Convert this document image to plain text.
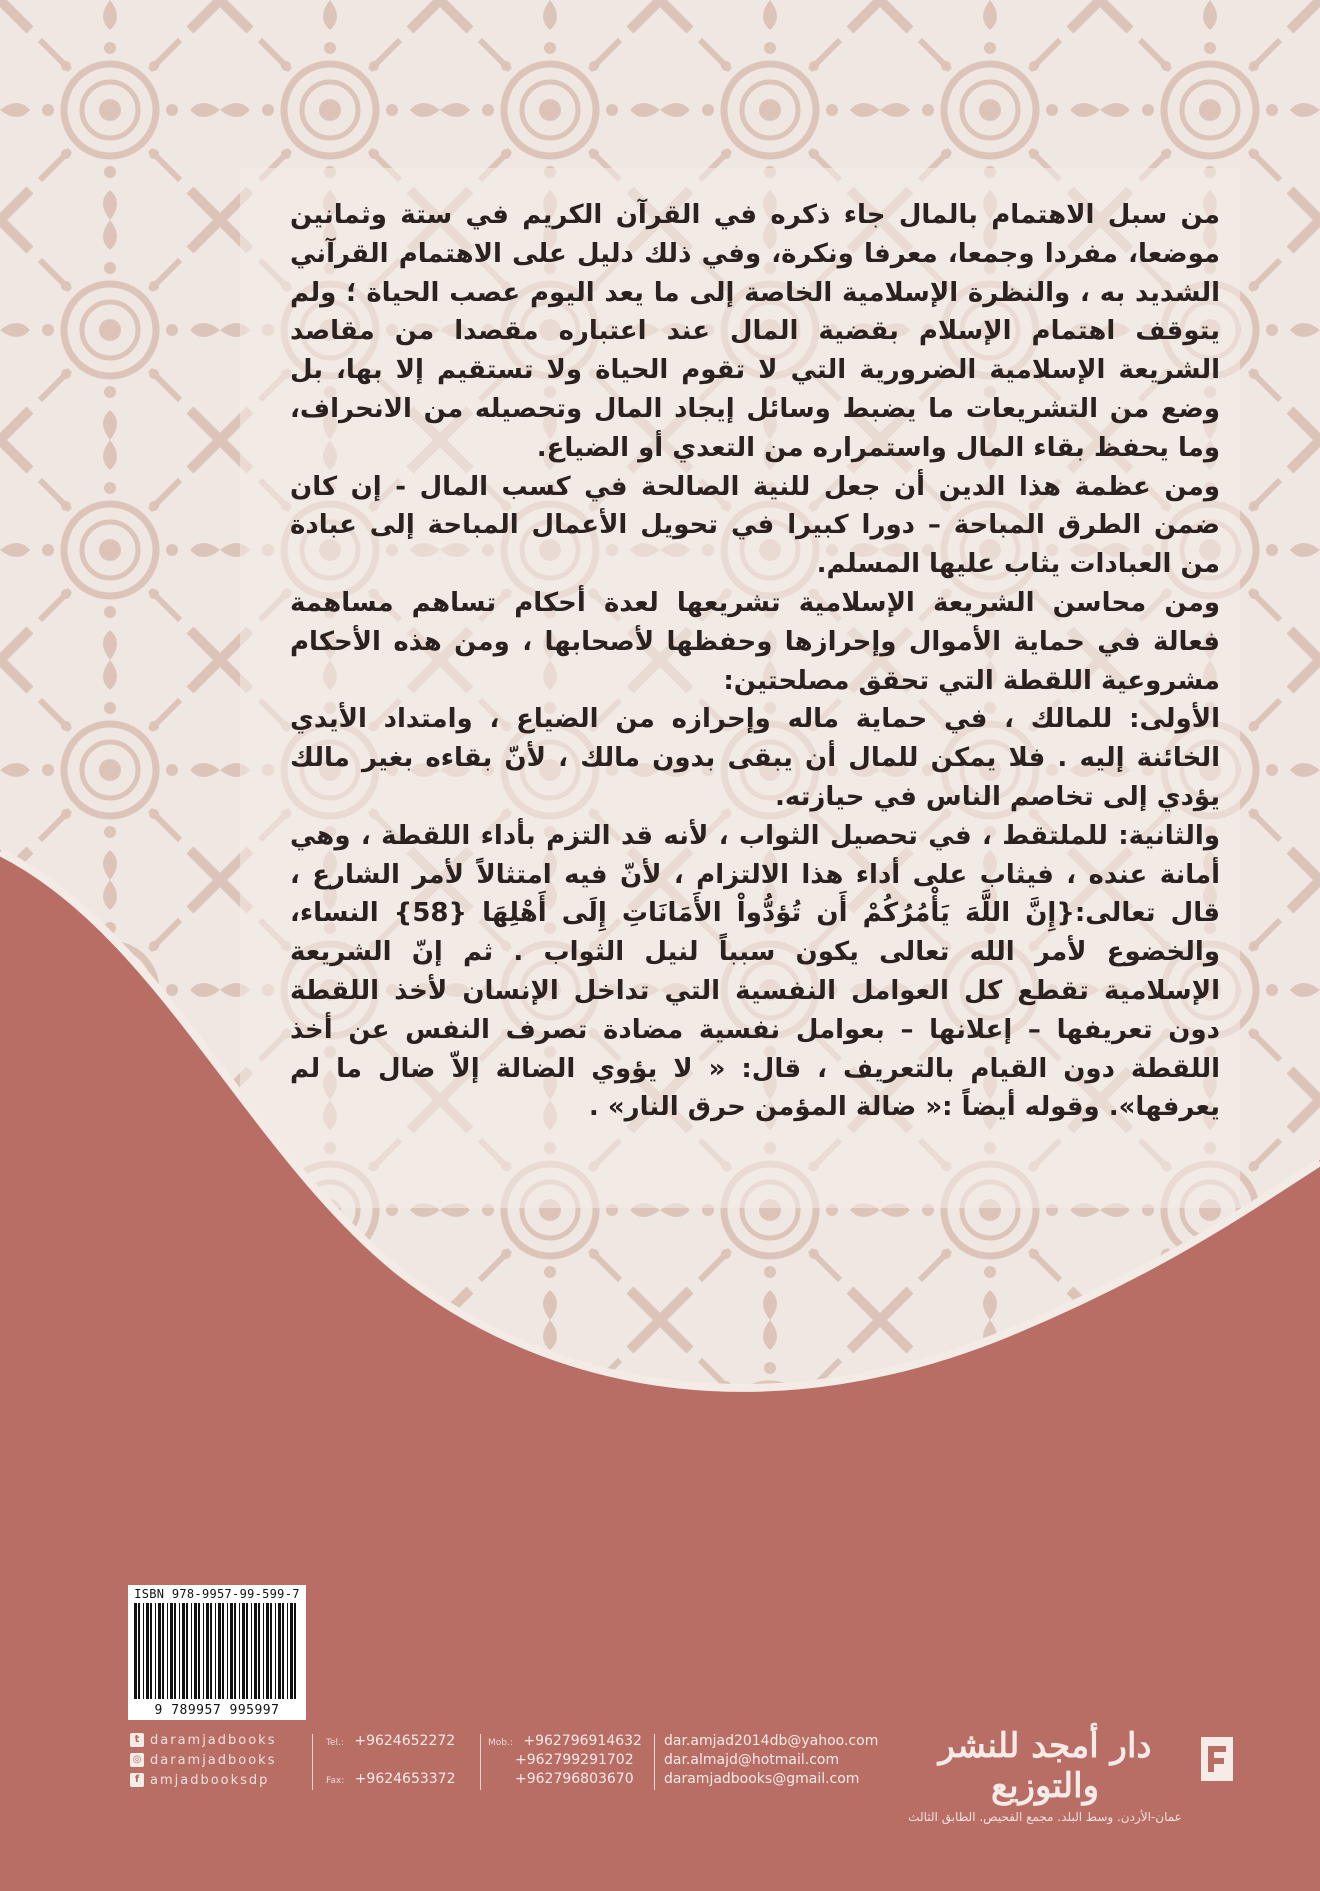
من سبل الاهتمام بالمال جاء ذكره في القرآن الكريم في ستة وثمانين موضعا، مفردا وجمعا، معرفا ونكرة، وفي ذلك دليل على الاهتمام القرآني الشديد به ، والنظرة الإسلامية الخاصة إلى ما يعد اليوم عصب الحياة ؛ ولم يتوقف اهتمام الإسلام بقضية المال عند اعتباره مقصدا من مقاصد الشريعة الإسلامية الضرورية التي لا تقوم الحياة ولا تستقيم إلا بها، بل وضع من التشريعات ما يضبط وسائل إيجاد المال وتحصيله من الانحراف، وما يحفظ بقاء المال واستمراره من التعدي أو الضياع.

ومن عظمة هذا الدين أن جعل للنية الصالحة في كسب المال - إن كان ضمن الطرق المباحة – دورا كبيرا في تحويل الأعمال المباحة إلى عبادة من العبادات يثاب عليها المسلم.

ومن محاسن الشريعة الإسلامية تشريعها لعدة أحكام تساهم مساهمة فعالة في حماية الأموال وإحرازها وحفظها لأصحابها ، ومن هذه الأحكام مشروعية اللقطة التي تحقق مصلحتين:

الأولى: للمالك ، في حماية ماله وإحرازه من الضياع ، وامتداد الأيدي الخائنة إليه . فلا يمكن للمال أن يبقى بدون مالك ، لأنّ بقاءه بغير مالك يؤدي إلى تخاصم الناس في حيازته.

والثانية: للملتقط ، في تحصيل الثواب ، لأنه قد التزم بأداء اللقطة ، وهي أمانة عنده ، فيثاب على أداء هذا الالتزام ، لأنّ فيه امتثالاً لأمر الشارع ، قال تعالى:{إِنَّ اللَّهَ يَأْمُرُكُمْ أَن تُؤدُّواْ الأَمَانَاتِ إِلَى أَهْلِهَا {58} النساء، والخضوع لأمر الله تعالى يكون سبباً لنيل الثواب . ثم إنّ الشريعة الإسلامية تقطع كل العوامل النفسية التي تداخل الإنسان لأخذ اللقطة دون تعريفها – إعلانها – بعوامل نفسية مضادة تصرف النفس عن أخذ اللقطة دون القيام بالتعريف ، قال: « لا يؤوي الضالة إلاّ ضال ما لم يعرفها». وقوله أيضاً :« ضالة المؤمن حرق النار» .

ISBN 978-9957-99-599-7
9 789957 995997
t daramjadbooks
◎ daramjadbooks
f amjadbooksdp
Tel.: +9624652272
Fax: +9624653372
Mob.: +962796914632
+962799291702
+962796803670
dar.amjad2014db@yahoo.com
dar.almajd@hotmail.com
daramjadbooks@gmail.com
دار أمجد للنشر والتوزيع
عمان-الأردن. وسط البلد. مجمع الفحيص. الطابق الثالث
